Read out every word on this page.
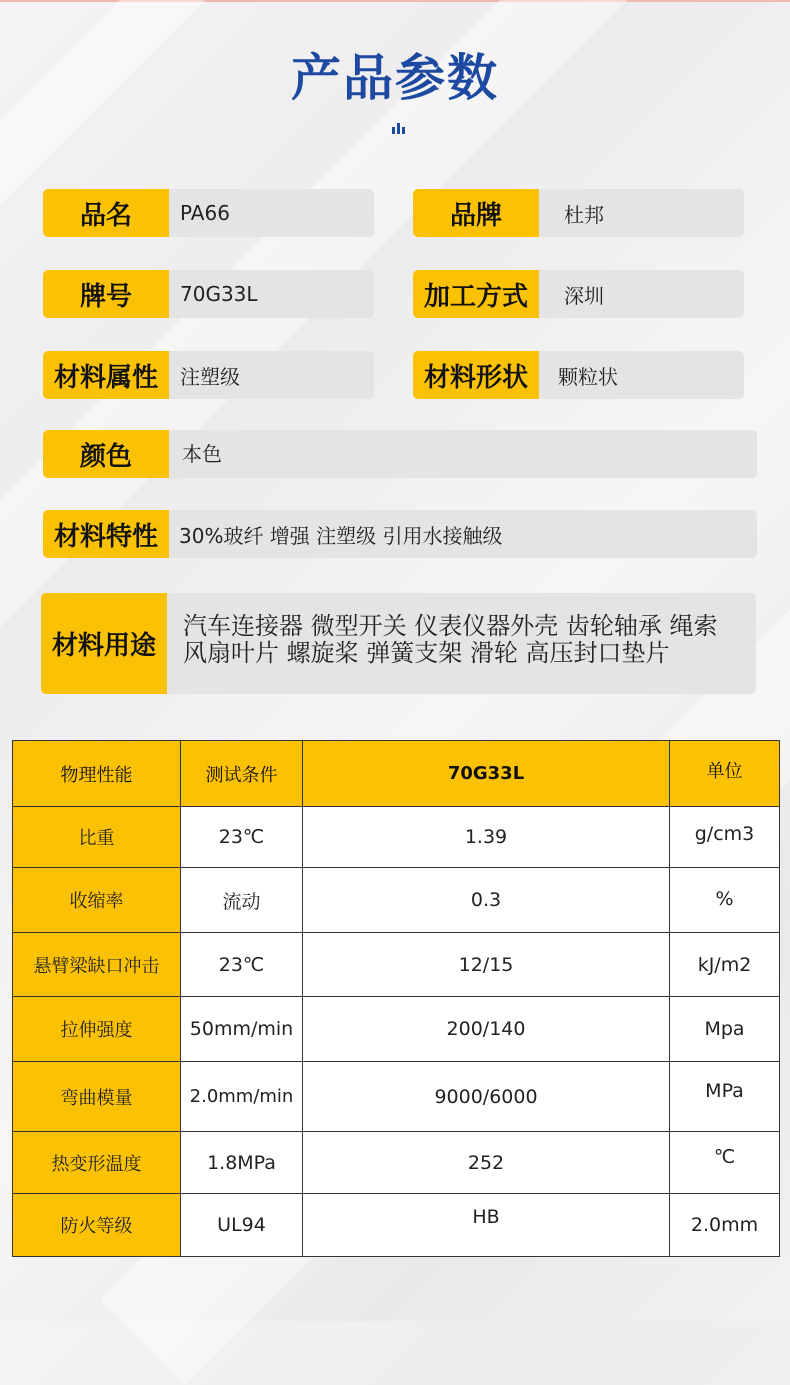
产品参数
品名	PA66	品牌	杜邦
牌号	70G33L	加工方式	深圳
材料属性	注塑级	材料形状	颗粒状
颜色	本色
材料特性	30%玻纤 增强 注塑级 引用水接触级
材料用途
汽车连接器 微型开关 仪表仪器外壳 齿轮轴承 绳索
风扇叶片 螺旋桨 弹簧支架 滑轮 高压封口垫片
物理性能	测试条件	70G33L	单位
比重	23℃	1.39	g/cm3
收缩率	流动	0.3	%
悬臂梁缺口冲击	23℃	12/15	kJ/m2
拉伸强度	50mm/min	200/140	Mpa
弯曲模量	2.0mm/min	9000/6000	MPa
热变形温度	1.8MPa	252	℃
防火等级	UL94	HB	2.0mm
